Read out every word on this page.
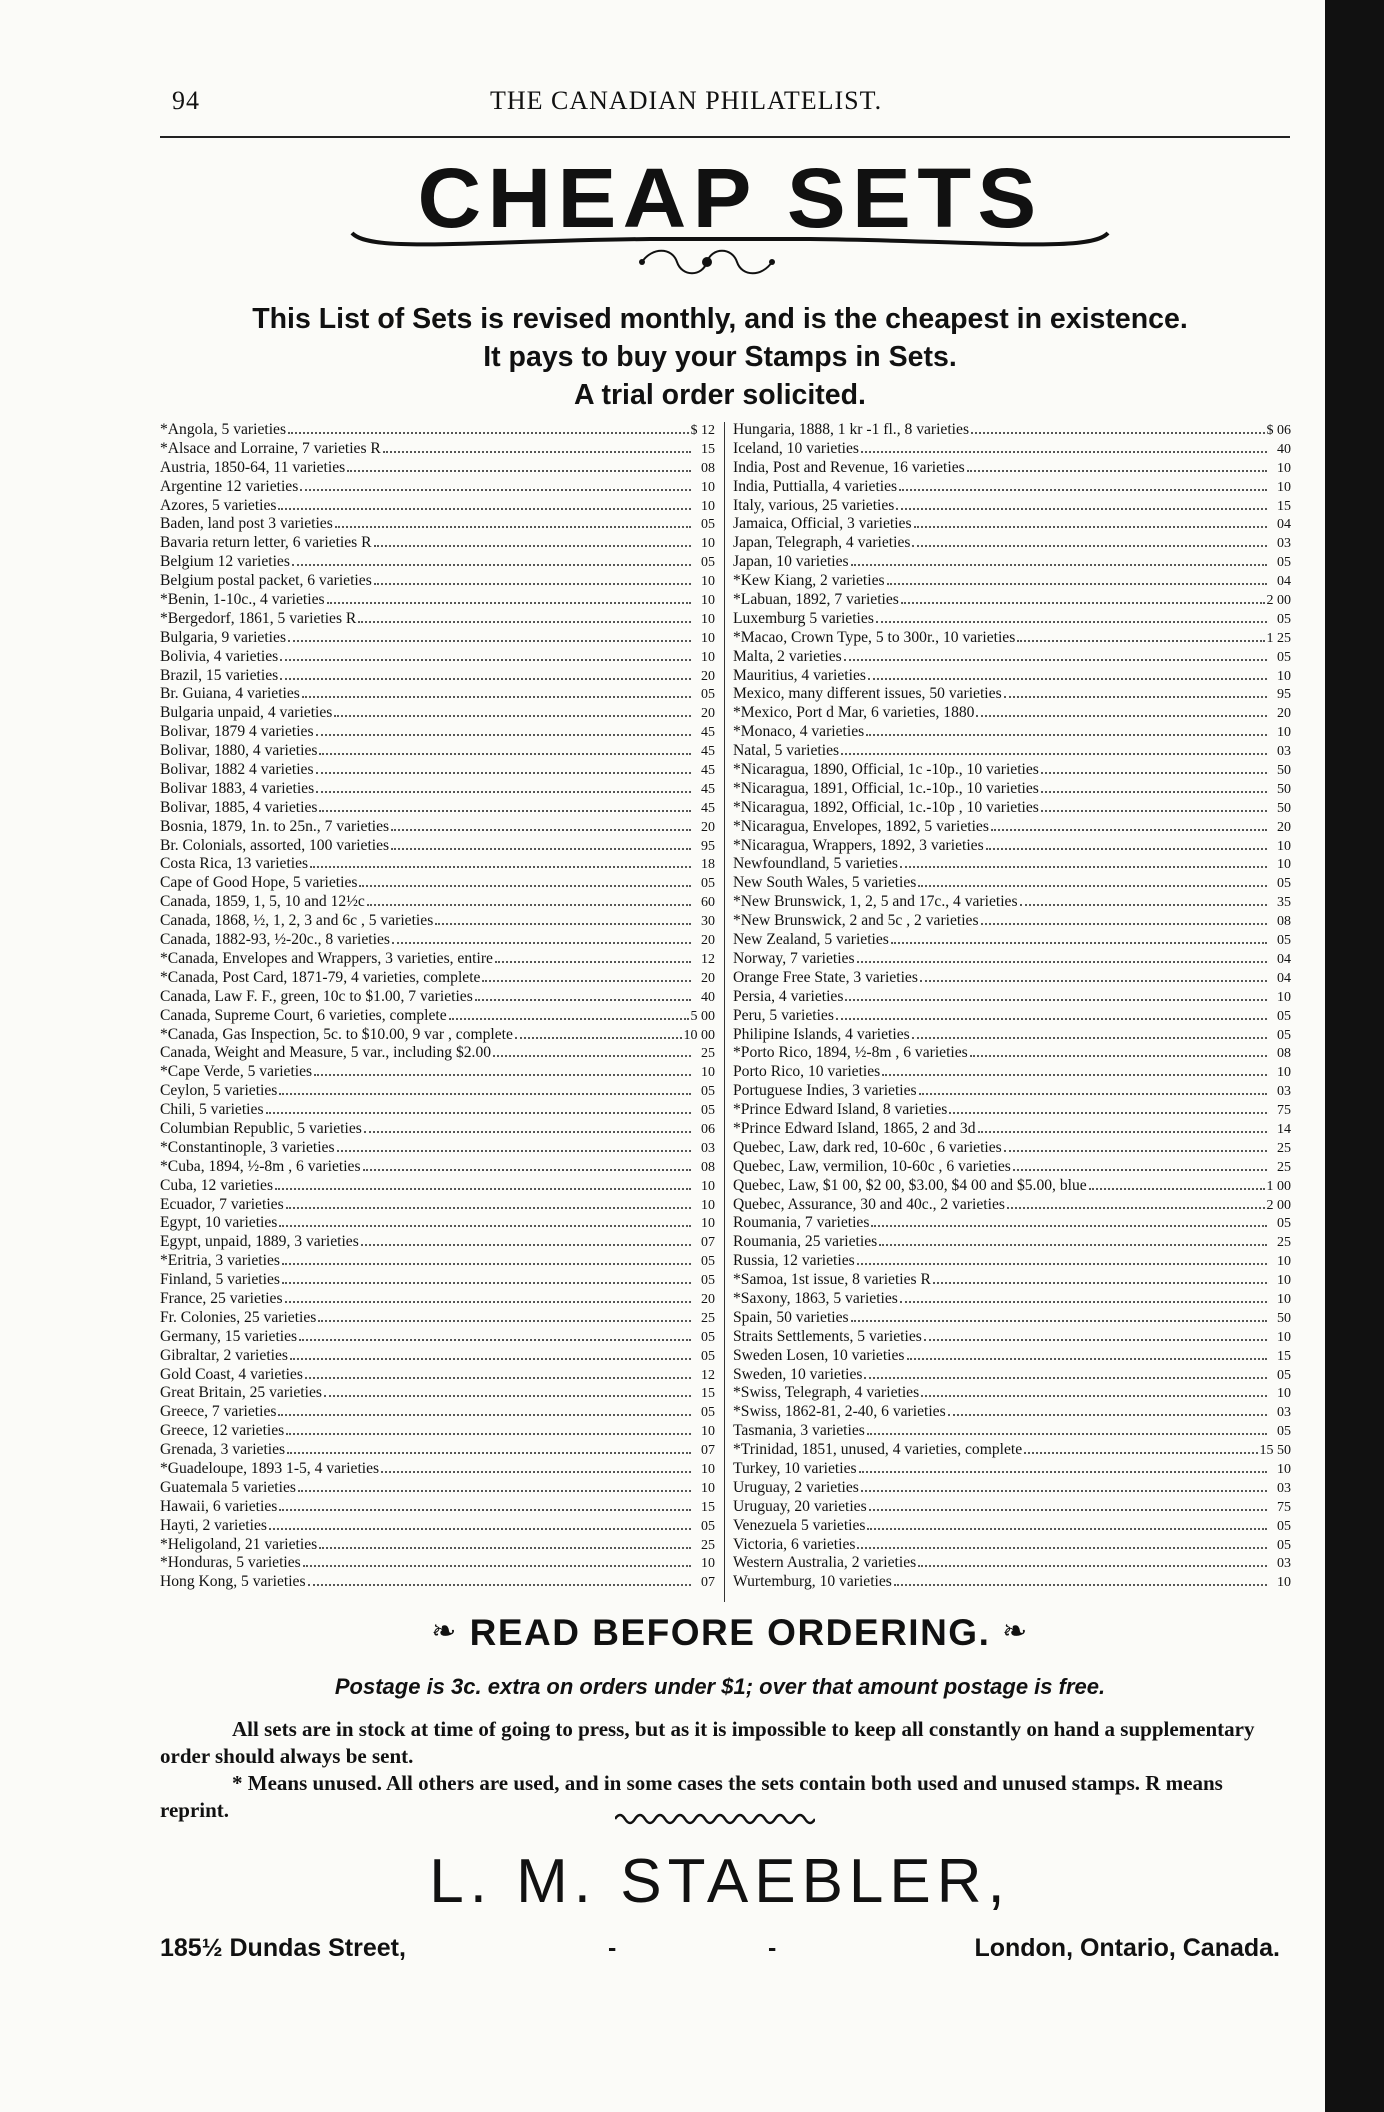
94	THE CANADIAN PHILATELIST.
CHEAP SETS
This List of Sets is revised monthly, and is the cheapest in existence.
It pays to buy your Stamps in Sets.
A trial order solicited.
*Angola, 5 varieties	$ 12
*Alsace and Lorraine, 7 varieties R	15
Austria, 1850-64, 11 varieties	08
Argentine 12 varieties	10
Azores, 5 varieties	10
Baden, land post 3 varieties	05
Bavaria return letter, 6 varieties R	10
Belgium 12 varieties	05
Belgium postal packet, 6 varieties	10
*Benin, 1-10c., 4 varieties	10
*Bergedorf, 1861, 5 varieties R	10
Bulgaria, 9 varieties	10
Bolivia, 4 varieties	10
Brazil, 15 varieties	20
Br. Guiana, 4 varieties	05
Bulgaria unpaid, 4 varieties	20
Bolivar, 1879 4 varieties	45
Bolivar, 1880, 4 varieties	45
Bolivar, 1882 4 varieties	45
Bolivar 1883, 4 varieties	45
Bolivar, 1885, 4 varieties	45
Bosnia, 1879, 1n. to 25n., 7 varieties	20
Br. Colonials, assorted, 100 varieties	95
Costa Rica, 13 varieties	18
Cape of Good Hope, 5 varieties	05
Canada, 1859, 1, 5, 10 and 12½c	60
Canada, 1868, ½, 1, 2, 3 and 6c , 5 varieties	30
Canada, 1882-93, ½-20c., 8 varieties	20
*Canada, Envelopes and Wrappers, 3 varieties, entire	12
*Canada, Post Card, 1871-79, 4 varieties, complete	20
Canada, Law F. F., green, 10c to $1.00, 7 varieties	40
Canada, Supreme Court, 6 varieties, complete	5 00
*Canada, Gas Inspection, 5c. to $10.00, 9 var , complete	10 00
Canada, Weight and Measure, 5 var., including $2.00	25
*Cape Verde, 5 varieties	10
Ceylon, 5 varieties	05
Chili, 5 varieties	05
Columbian Republic, 5 varieties	06
*Constantinople, 3 varieties	03
*Cuba, 1894, ½-8m , 6 varieties	08
Cuba, 12 varieties	10
Ecuador, 7 varieties	10
Egypt, 10 varieties	10
Egypt, unpaid, 1889, 3 varieties	07
*Eritria, 3 varieties	05
Finland, 5 varieties	05
France, 25 varieties	20
Fr. Colonies, 25 varieties	25
Germany, 15 varieties	05
Gibraltar, 2 varieties	05
Gold Coast, 4 varieties	12
Great Britain, 25 varieties	15
Greece, 7 varieties	05
Greece, 12 varieties	10
Grenada, 3 varieties	07
*Guadeloupe, 1893 1-5, 4 varieties	10
Guatemala 5 varieties	10
Hawaii, 6 varieties	15
Hayti, 2 varieties	05
*Heligoland, 21 varieties	25
*Honduras, 5 varieties	10
Hong Kong, 5 varieties	07
Hungaria, 1888, 1 kr -1 fl., 8 varieties	$ 06
Iceland, 10 varieties	40
India, Post and Revenue, 16 varieties	10
India, Puttialla, 4 varieties	10
Italy, various, 25 varieties	15
Jamaica, Official, 3 varieties	04
Japan, Telegraph, 4 varieties	03
Japan, 10 varieties	05
*Kew Kiang, 2 varieties	04
*Labuan, 1892, 7 varieties	2 00
Luxemburg 5 varieties	05
*Macao, Crown Type, 5 to 300r., 10 varieties	1 25
Malta, 2 varieties	05
Mauritius, 4 varieties	10
Mexico, many different issues, 50 varieties	95
*Mexico, Port d Mar, 6 varieties, 1880	20
*Monaco, 4 varieties	10
Natal, 5 varieties	03
*Nicaragua, 1890, Official, 1c -10p., 10 varieties	50
*Nicaragua, 1891, Official, 1c.-10p., 10 varieties	50
*Nicaragua, 1892, Official, 1c.-10p , 10 varieties	50
*Nicaragua, Envelopes, 1892, 5 varieties	20
*Nicaragua, Wrappers, 1892, 3 varieties	10
Newfoundland, 5 varieties	10
New South Wales, 5 varieties	05
*New Brunswick, 1, 2, 5 and 17c., 4 varieties	35
*New Brunswick, 2 and 5c , 2 varieties	08
New Zealand, 5 varieties	05
Norway, 7 varieties	04
Orange Free State, 3 varieties	04
Persia, 4 varieties	10
Peru, 5 varieties	05
Philipine Islands, 4 varieties	05
*Porto Rico, 1894, ½-8m , 6 varieties	08
Porto Rico, 10 varieties	10
Portuguese Indies, 3 varieties	03
*Prince Edward Island, 8 varieties	75
*Prince Edward Island, 1865, 2 and 3d	14
Quebec, Law, dark red, 10-60c , 6 varieties	25
Quebec, Law, vermilion, 10-60c , 6 varieties	25
Quebec, Law, $1 00, $2 00, $3.00, $4 00 and $5.00, blue	1 00
Quebec, Assurance, 30 and 40c., 2 varieties	2 00
Roumania, 7 varieties	05
Roumania, 25 varieties	25
Russia, 12 varieties	10
*Samoa, 1st issue, 8 varieties R	10
*Saxony, 1863, 5 varieties	10
Spain, 50 varieties	50
Straits Settlements, 5 varieties	10
Sweden Losen, 10 varieties	15
Sweden, 10 varieties	05
*Swiss, Telegraph, 4 varieties	10
*Swiss, 1862-81, 2-40, 6 varieties	03
Tasmania, 3 varieties	05
*Trinidad, 1851, unused, 4 varieties, complete	15 50
Turkey, 10 varieties	10
Uruguay, 2 varieties	03
Uruguay, 20 varieties	75
Venezuela 5 varieties	05
Victoria, 6 varieties	05
Western Australia, 2 varieties	03
Wurtemburg, 10 varieties	10
❧ READ BEFORE ORDERING. ❧
Postage is 3c. extra on orders under $1; over that amount postage is free.

All sets are in stock at time of going to press, but as it is impossible to keep all constantly on hand a supplementary order should always be sent.

* Means unused. All others are used, and in some cases the sets contain both used and unused stamps. R means reprint.

L. M. STAEBLER,
185½ Dundas Street,	-	-	London, Ontario, Canada.
